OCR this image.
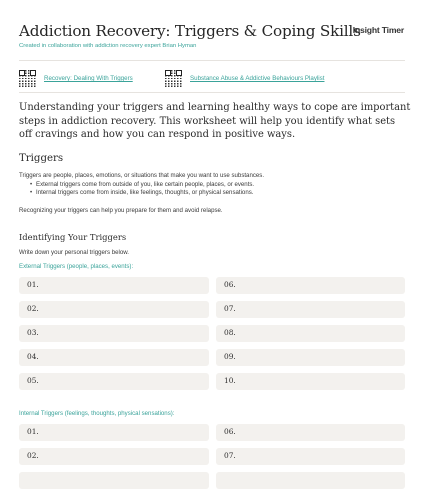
Addiction Recovery: Triggers & Coping Skills
Insight Timer
Created in collaboration with addiction recovery expert Brian Hyman
Recovery: Dealing With Triggers	Substance Abuse & Addictive Behaviours Playlist

Understanding your triggers and learning healthy ways to cope are important steps in addiction recovery. This worksheet will help you identify what sets off cravings and how you can respond in positive ways.

Triggers

Triggers are people, places, emotions, or situations that make you want to use substances.

• External triggers come from outside of you, like certain people, places, or events.
• Internal triggers come from inside, like feelings, thoughts, or physical sensations.

Recognizing your triggers can help you prepare for them and avoid relapse.

Identifying Your Triggers

Write down your personal triggers below.

External Triggers (people, places, events):
01.
02.
03.
04.
05.
06.
07.
08.
09.
10.
Internal Triggers (feelings, thoughts, physical sensations):
01.
02.
06.
07.
